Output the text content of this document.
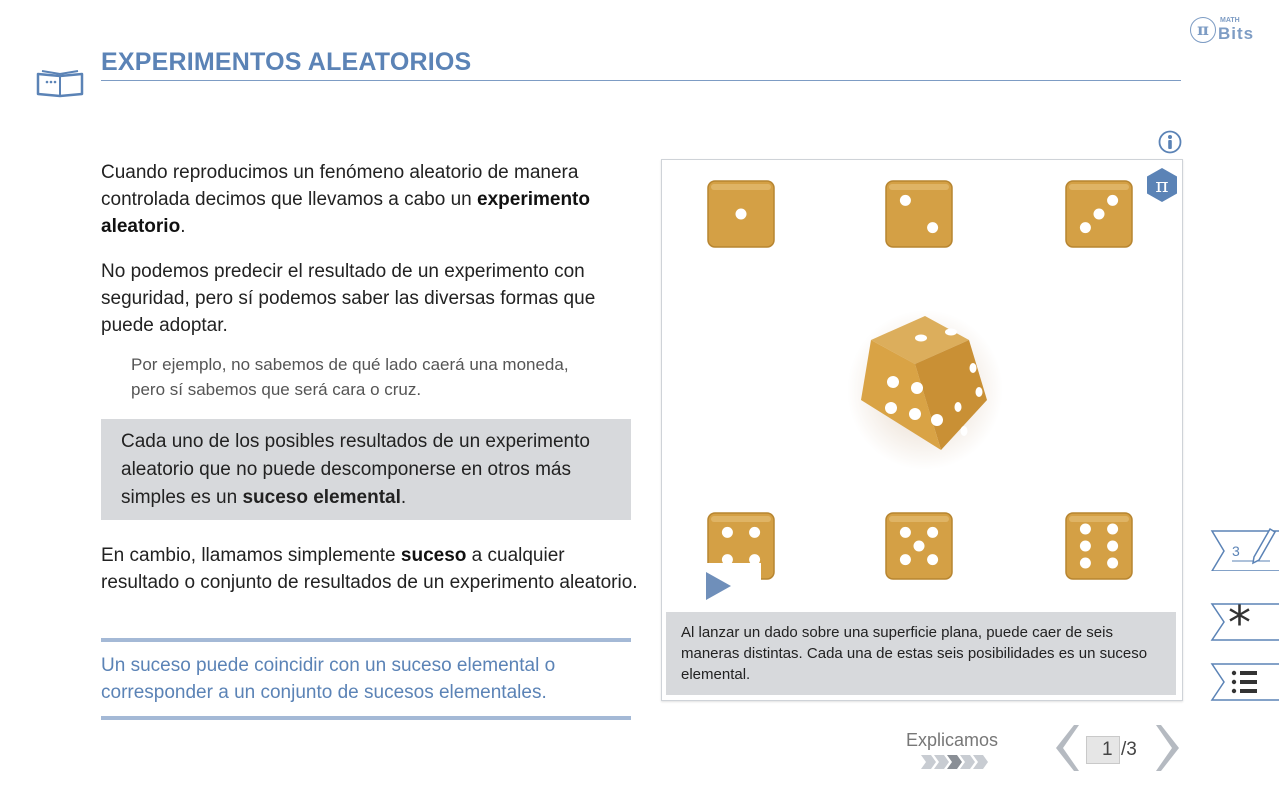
EXPERIMENTOS ALEATORIOS
π	MATH
Bits
Cuando reproducimos un fenómeno aleatorio de manera controlada decimos que llevamos a cabo un experimento aleatorio.
No podemos predecir el resultado de un experimento con seguridad, pero sí podemos saber las diversas formas que puede adoptar.
Por ejemplo, no sabemos de qué lado caerá una moneda, pero sí sabemos que será cara o cruz.
Cada uno de los posibles resultados de un experimento aleatorio que no puede descomponerse en otros más simples es un suceso elemental.
En cambio, llamamos simplemente suceso a cualquier resultado o conjunto de resultados de un experimento aleatorio.
Un suceso puede coincidir con un suceso elemental o corresponder a un conjunto de sucesos elementales.
π
Al lanzar un dado sobre una superficie plana, puede caer de seis maneras distintas. Cada una de estas seis posibilidades es un suceso elemental.
3
*
Explicamos	1 /3
